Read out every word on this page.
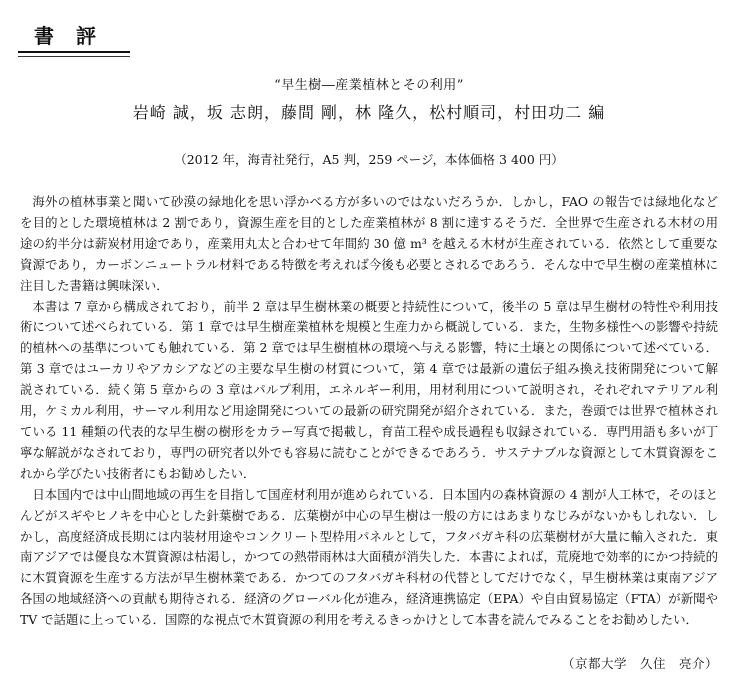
書評
“早生樹―産業植林とその利用”
岩崎 誠，坂 志朗，藤間 剛，林 隆久，松村順司，村田功二 編
（2012 年，海青社発行，A5 判，259 ページ，本体価格 3 400 円）

海外の植林事業と聞いて砂漠の緑地化を思い浮かべる方が多いのではないだろうか．しかし，FAO の報告では緑地化などを目的とした環境植林は 2 割であり，資源生産を目的とした産業植林が 8 割に達するそうだ．全世界で生産される木材の用途の約半分は薪炭材用途であり，産業用丸太と合わせて年間約 30 億 m³ を越える木材が生産されている．依然として重要な資源であり，カーボンニュートラル材料である特徴を考えれば今後も必要とされるであろう．そんな中で早生樹の産業植林に注目した書籍は興味深い．

本書は 7 章から構成されており，前半 2 章は早生樹林業の概要と持続性について，後半の 5 章は早生樹材の特性や利用技術について述べられている．第 1 章では早生樹産業植林を規模と生産力から概説している．また，生物多様性への影響や持続的植林への基準についても触れている．第 2 章では早生樹植林の環境へ与える影響，特に土壌との関係について述べている．第 3 章ではユーカリやアカシアなどの主要な早生樹の材質について，第 4 章では最新の遺伝子組み換え技術開発について解説されている．続く第 5 章からの 3 章はパルプ利用，エネルギー利用，用材利用について説明され，それぞれマテリアル利用，ケミカル利用，サーマル利用など用途開発についての最新の研究開発が紹介されている．また，巻頭では世界で植林されている 11 種類の代表的な早生樹の樹形をカラー写真で掲載し，育苗工程や成長過程も収録されている．専門用語も多いが丁寧な解説がなされており，専門の研究者以外でも容易に読むことができるであろう．サステナブルな資源として木質資源をこれから学びたい技術者にもお勧めしたい．

日本国内では中山間地域の再生を目指して国産材利用が進められている．日本国内の森林資源の 4 割が人工林で，そのほとんどがスギやヒノキを中心とした針葉樹である．広葉樹が中心の早生樹は一般の方にはあまりなじみがないかもしれない．しかし，高度経済成長期には内装材用途やコンクリート型枠用パネルとして，フタバガキ科の広葉樹材が大量に輸入された．東南アジアでは優良な木質資源は枯渇し，かつての熱帯雨林は大面積が消失した．本書によれば，荒廃地で効率的にかつ持続的に木質資源を生産する方法が早生樹林業である．かつてのフタバガキ科材の代替としてだけでなく，早生樹林業は東南アジア各国の地域経済への貢献も期待される．経済のグローバル化が進み，経済連携協定（EPA）や自由貿易協定（FTA）が新聞や TV で話題に上っている．国際的な視点で木質資源の利用を考えるきっかけとして本書を読んでみることをお勧めしたい．

（京都大学　久住　亮介）
